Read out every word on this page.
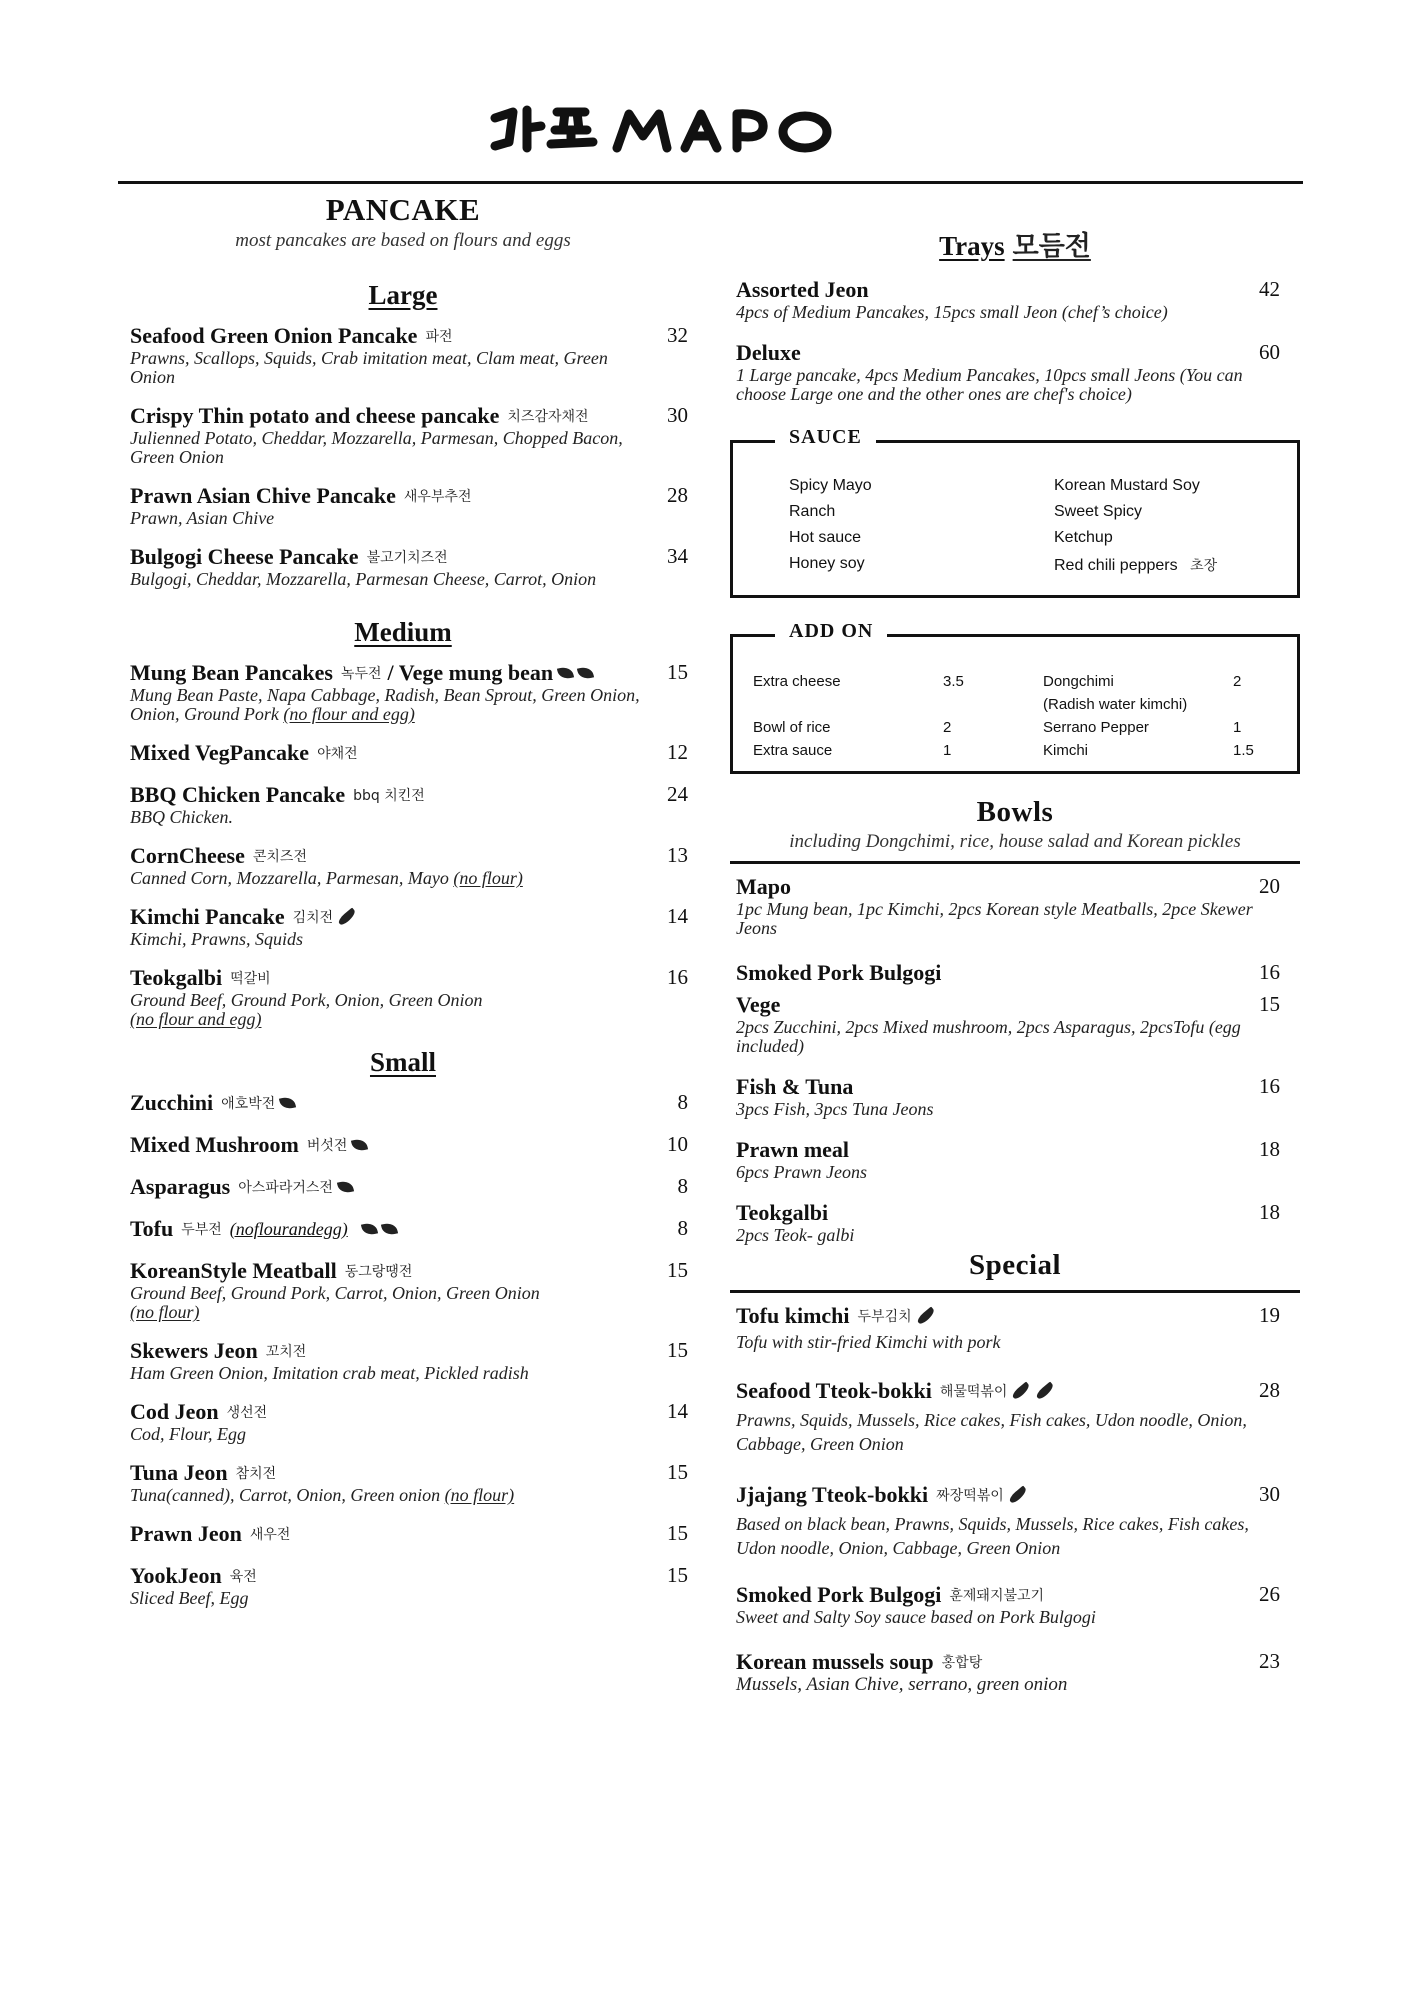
PANCAKE
most pancakes are based on flours and eggs
Large
Seafood Green Onion Pancake 파전	32
Prawns, Scallops, Squids, Crab imitation meat, Clam meat, Green Onion
Crispy Thin potato and cheese pancake 치즈감자채전	30
Julienned Potato, Cheddar, Mozzarella, Parmesan, Chopped Bacon, Green Onion
Prawn Asian Chive Pancake 새우부추전	28
Prawn, Asian Chive
Bulgogi Cheese Pancake 불고기치즈전	34
Bulgogi, Cheddar, Mozzarella, Parmesan Cheese, Carrot, Onion
Medium
Mung Bean Pancakes 녹두전 / Vege mung bean	15
Mung Bean Paste, Napa Cabbage, Radish, Bean Sprout, Green Onion, Onion, Ground Pork (no flour and egg)
Mixed VegPancake 야채전	12
BBQ Chicken Pancake bbq 치킨전	24
BBQ Chicken.
CornCheese 콘치즈전	13
Canned Corn, Mozzarella, Parmesan, Mayo (no flour)
Kimchi Pancake 김치전	14
Kimchi, Prawns, Squids
Teokgalbi 떡갈비	16
Ground Beef, Ground Pork, Onion, Green Onion
(no flour and egg)
Small
Zucchini 애호박전	8
Mixed Mushroom 버섯전	10
Asparagus 아스파라거스전	8
Tofu 두부전 (noflourandegg)	8
KoreanStyle Meatball 동그랑땡전	15
Ground Beef, Ground Pork, Carrot, Onion, Green Onion
(no flour)
Skewers Jeon 꼬치전	15
Ham Green Onion, Imitation crab meat, Pickled radish
Cod Jeon 생선전	14
Cod, Flour, Egg
Tuna Jeon 참치전	15
Tuna(canned), Carrot, Onion, Green onion (no flour)
Prawn Jeon 새우전	15
YookJeon 육전	15
Sliced Beef, Egg
Trays 모듬전
Assorted Jeon	42
4pcs of Medium Pancakes, 15pcs small Jeon (chef’s choice)
Deluxe	60
1 Large pancake, 4pcs Medium Pancakes, 10pcs small Jeons (You can choose Large one and the other ones are chef's choice)
SAUCE
Spicy Mayo	Korean Mustard Soy
Ranch	Sweet Spicy
Hot sauce	Ketchup
Honey soy	Red chili peppers 초장
ADD ON
Extra cheese	3.5	Dongchimi	2
(Radish water kimchi)
Bowl of rice	2	Serrano Pepper	1
Extra sauce	1	Kimchi	1.5
Bowls
including Dongchimi, rice, house salad and Korean pickles
Mapo	20
1pc Mung bean, 1pc Kimchi, 2pcs Korean style Meatballs, 2pce Skewer Jeons
Smoked Pork Bulgogi	16
Vege	15
2pcs Zucchini, 2pcs Mixed mushroom, 2pcs Asparagus, 2pcsTofu (egg included)
Fish & Tuna	16
3pcs Fish, 3pcs Tuna Jeons
Prawn meal	18
6pcs Prawn Jeons
Teokgalbi	18
2pcs Teok- galbi
Special
Tofu kimchi 두부김치	19
Tofu with stir-fried Kimchi with pork
Seafood Tteok-bokki 해물떡볶이	28
Prawns, Squids, Mussels, Rice cakes, Fish cakes, Udon noodle, Onion, Cabbage, Green Onion
Jjajang Tteok-bokki 짜장떡볶이	30
Based on black bean, Prawns, Squids, Mussels, Rice cakes, Fish cakes, Udon noodle, Onion, Cabbage, Green Onion
Smoked Pork Bulgogi 훈제돼지불고기	26
Sweet and Salty Soy sauce based on Pork Bulgogi
Korean mussels soup 홍합탕	23
Mussels, Asian Chive, serrano, green onion
